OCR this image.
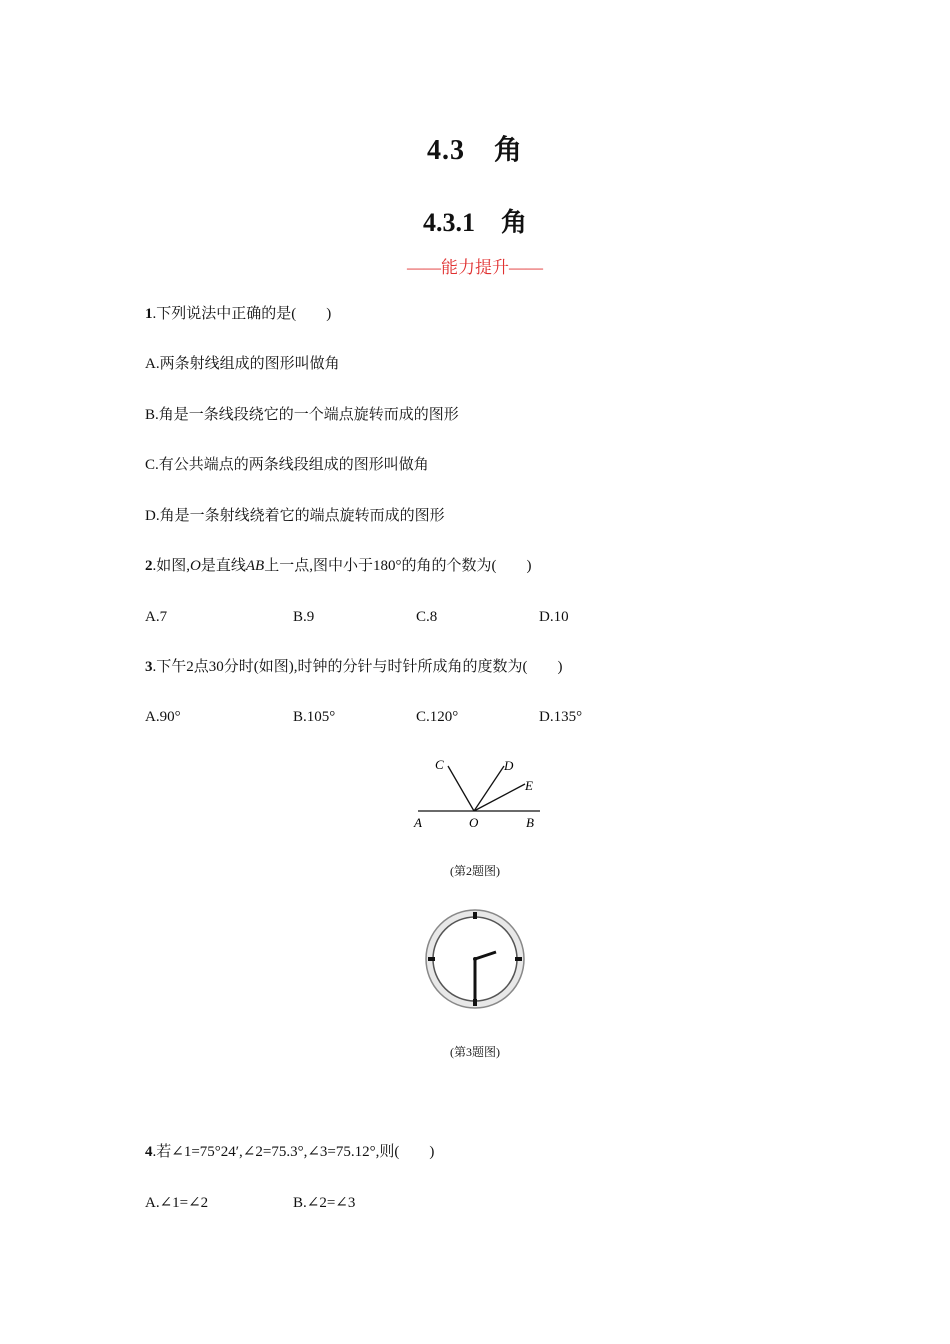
4.3　角
4.3.1　角
——能力提升——
1.下列说法中正确的是(　　)
A.两条射线组成的图形叫做角
B.角是一条线段绕它的一个端点旋转而成的图形
C.有公共端点的两条线段组成的图形叫做角
D.角是一条射线绕着它的端点旋转而成的图形
2.如图,O是直线AB上一点,图中小于180°的角的个数为(　　)
A.7	B.9	C.8	D.10
3.下午2点30分时(如图),时钟的分针与时针所成角的度数为(　　)
A.90°	B.105°	C.120°	D.135°
A	O	B
C	D
E
(第2题图)
(第3题图)
4.若∠1=75°24′,∠2=75.3°,∠3=75.12°,则(　　)
A.∠1=∠2	B.∠2=∠3
